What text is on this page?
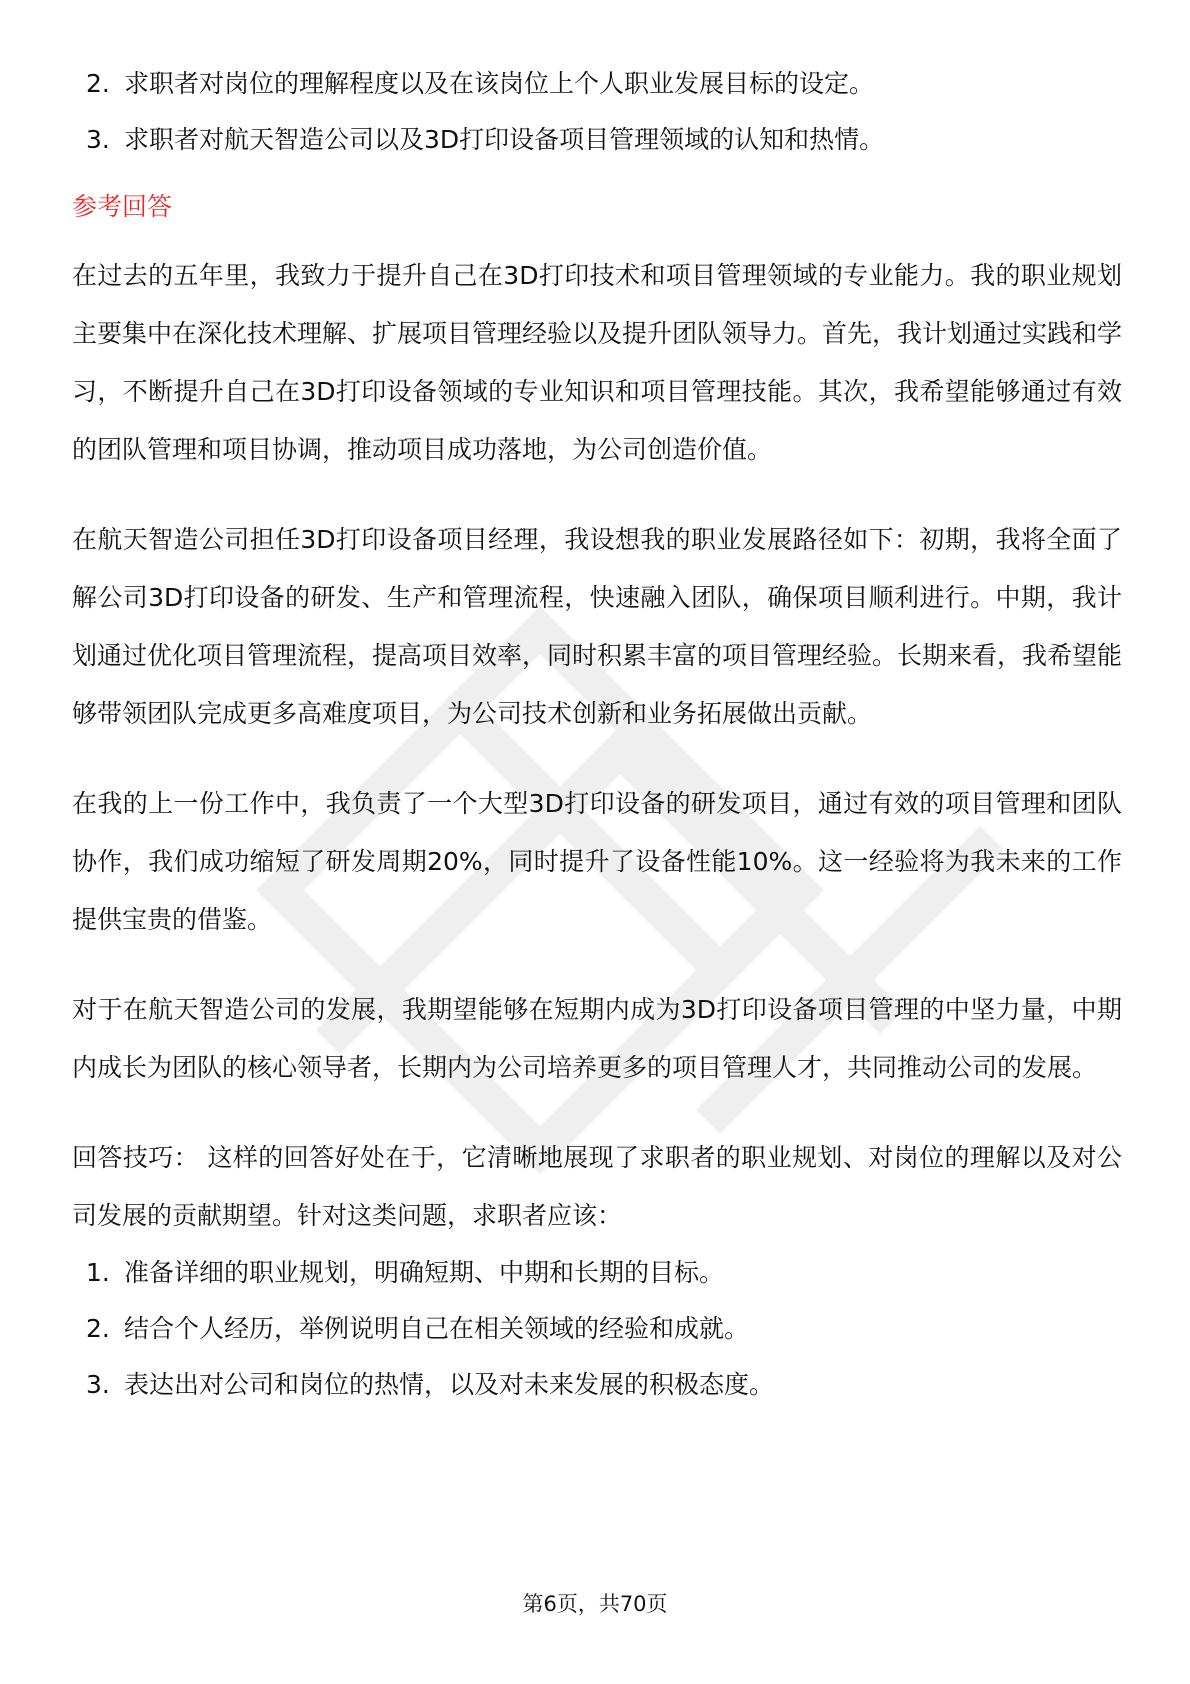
2. 求职者对岗位的理解程度以及在该岗位上个人职业发展目标的设定。
3. 求职者对航天智造公司以及3D打印设备项目管理领域的认知和热情。
参考回答

在过去的五年里，我致力于提升自己在3D打印技术和项目管理领域的专业能力。我的职业规划主要集中在深化技术理解、扩展项目管理经验以及提升团队领导力。首先，我计划通过实践和学习，不断提升自己在3D打印设备领域的专业知识和项目管理技能。其次，我希望能够通过有效的团队管理和项目协调，推动项目成功落地，为公司创造价值。

在航天智造公司担任3D打印设备项目经理，我设想我的职业发展路径如下：初期，我将全面了解公司3D打印设备的研发、生产和管理流程，快速融入团队，确保项目顺利进行。中期，我计划通过优化项目管理流程，提高项目效率，同时积累丰富的项目管理经验。长期来看，我希望能够带领团队完成更多高难度项目，为公司技术创新和业务拓展做出贡献。

在我的上一份工作中，我负责了一个大型3D打印设备的研发项目，通过有效的项目管理和团队协作，我们成功缩短了研发周期20%，同时提升了设备性能10%。这一经验将为我未来的工作提供宝贵的借鉴。

对于在航天智造公司的发展，我期望能够在短期内成为3D打印设备项目管理的中坚力量，中期内成长为团队的核心领导者，长期内为公司培养更多的项目管理人才，共同推动公司的发展。

回答技巧： 这样的回答好处在于，它清晰地展现了求职者的职业规划、对岗位的理解以及对公司发展的贡献期望。针对这类问题，求职者应该：

1. 准备详细的职业规划，明确短期、中期和长期的目标。
2. 结合个人经历，举例说明自己在相关领域的经验和成就。
3. 表达出对公司和岗位的热情，以及对未来发展的积极态度。
第6页，共70页
